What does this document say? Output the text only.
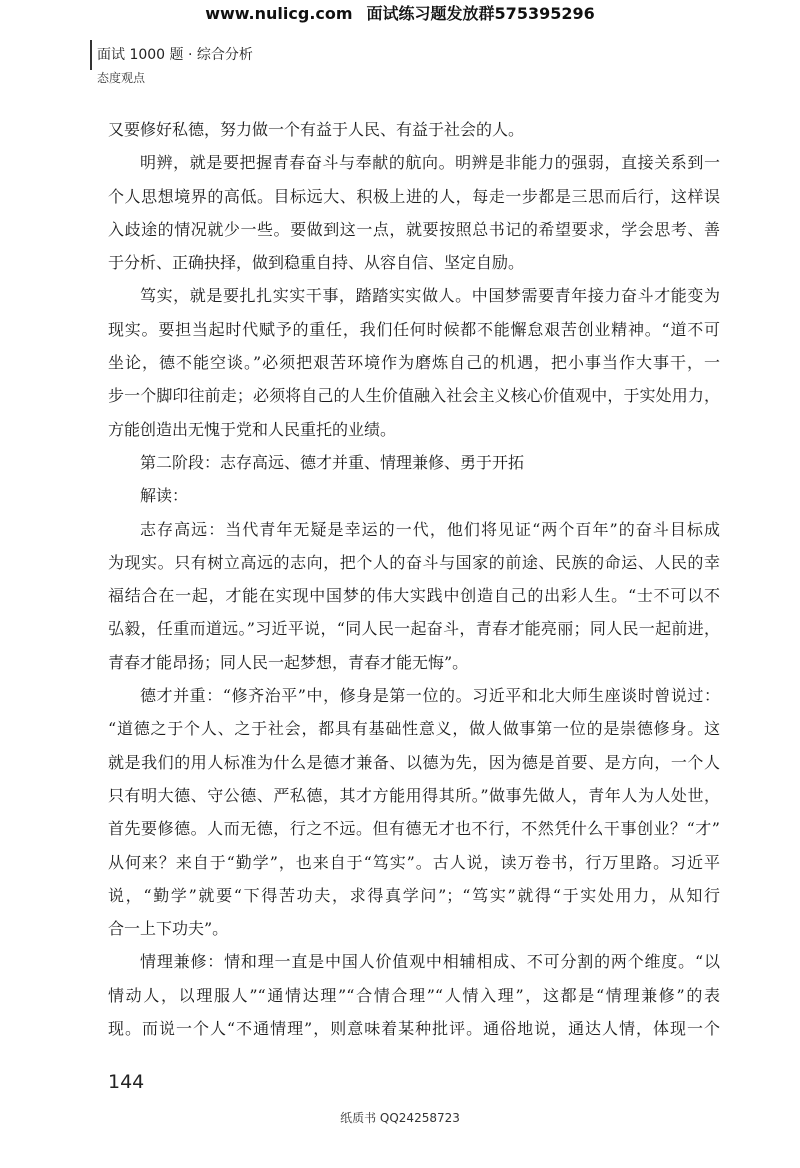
www.nulicg.com 面试练习题发放群575395296
面试 1000 题 · 综合分析
态度观点
又要修好私德，努力做一个有益于人民、有益于社会的人。
明辨，就是要把握青春奋斗与奉献的航向。明辨是非能力的强弱，直接关系到一
个人思想境界的高低。目标远大、积极上进的人，每走一步都是三思而后行，这样误
入歧途的情况就少一些。要做到这一点，就要按照总书记的希望要求，学会思考、善
于分析、正确抉择，做到稳重自持、从容自信、坚定自励。
笃实，就是要扎扎实实干事，踏踏实实做人。中国梦需要青年接力奋斗才能变为
现实。要担当起时代赋予的重任，我们任何时候都不能懈怠艰苦创业精神。“道不可
坐论，德不能空谈。”必须把艰苦环境作为磨炼自己的机遇，把小事当作大事干，一
步一个脚印往前走；必须将自己的人生价值融入社会主义核心价值观中，于实处用力，
方能创造出无愧于党和人民重托的业绩。
第二阶段：志存高远、德才并重、情理兼修、勇于开拓
解读：
志存高远：当代青年无疑是幸运的一代，他们将见证“两个百年”的奋斗目标成
为现实。只有树立高远的志向，把个人的奋斗与国家的前途、民族的命运、人民的幸
福结合在一起，才能在实现中国梦的伟大实践中创造自己的出彩人生。“士不可以不
弘毅，任重而道远。”习近平说，“同人民一起奋斗，青春才能亮丽；同人民一起前进，
青春才能昂扬；同人民一起梦想，青春才能无悔”。
德才并重：“修齐治平”中，修身是第一位的。习近平和北大师生座谈时曾说过：
“道德之于个人、之于社会，都具有基础性意义，做人做事第一位的是崇德修身。这
就是我们的用人标准为什么是德才兼备、以德为先，因为德是首要、是方向，一个人
只有明大德、守公德、严私德，其才方能用得其所。”做事先做人，青年人为人处世，
首先要修德。人而无德，行之不远。但有德无才也不行，不然凭什么干事创业？“才”
从何来？来自于“勤学”，也来自于“笃实”。古人说，读万卷书，行万里路。习近平
说，“勤学”就要“下得苦功夫，求得真学问”；“笃实”就得“于实处用力，从知行
合一上下功夫”。
情理兼修：情和理一直是中国人价值观中相辅相成、不可分割的两个维度。“以
情动人，以理服人”“通情达理”“合情合理”“人情入理”，这都是“情理兼修”的表
现。而说一个人“不通情理”，则意味着某种批评。通俗地说，通达人情，体现一个
144
纸质书 QQ24258723
